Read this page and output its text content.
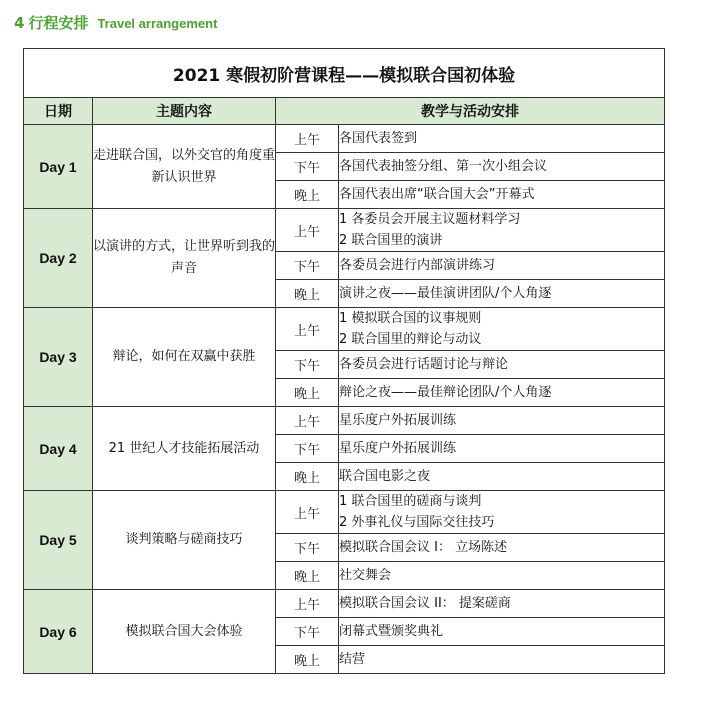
4 行程安排 Travel arrangement
2021 寒假初阶营课程——模拟联合国初体验			
日期	主题内容	教学与活动安排	
Day 1	走进联合国，以外交官的角度重新认识世界	上午	各国代表签到

		下午	各国代表抽签分组、第一次小组会议

		晚上	各国代表出席“联合国大会”开幕式

Day 2	以演讲的方式，让世界听到我的声音	上午	1 各委员会开展主议题材料学习
2 联合国里的演讲

		下午	各委员会进行内部演讲练习

		晚上	演讲之夜——最佳演讲团队/个人角逐

Day 3	辩论，如何在双赢中获胜	上午	1 模拟联合国的议事规则
2 联合国里的辩论与动议

		下午	各委员会进行话题讨论与辩论

		晚上	辩论之夜——最佳辩论团队/个人角逐

Day 4	21 世纪人才技能拓展活动	上午	星乐度户外拓展训练

		下午	星乐度户外拓展训练

		晚上	联合国电影之夜

Day 5	谈判策略与磋商技巧	上午	1 联合国里的磋商与谈判
2 外事礼仪与国际交往技巧

		下午	模拟联合国会议 I： 立场陈述

		晚上	社交舞会

Day 6	模拟联合国大会体验	上午	模拟联合国会议 II： 提案磋商

		下午	闭幕式暨颁奖典礼

		晚上	结营
